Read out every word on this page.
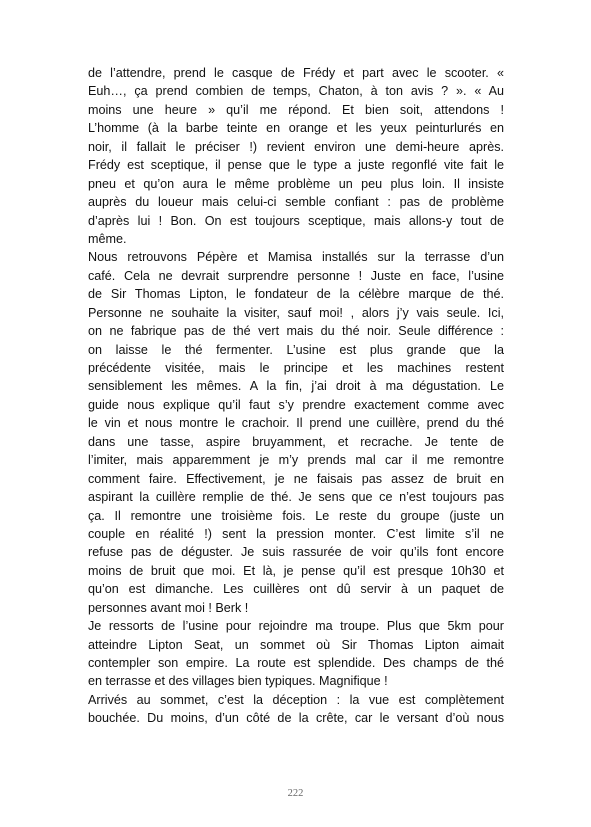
de l’attendre, prend le casque de Frédy et part avec le scooter. «
Euh…, ça prend combien de temps, Chaton, à ton avis ? ». « Au
moins une heure » qu’il me répond. Et bien soit, attendons !
L’homme (à la barbe teinte en orange et les yeux peinturlurés en
noir, il fallait le préciser !) revient environ une demi-heure après.
Frédy est sceptique, il pense que le type a juste regonflé vite fait le
pneu et qu’on aura le même problème un peu plus loin. Il insiste
auprès du loueur mais celui-ci semble confiant : pas de problème
d’après lui ! Bon. On est toujours sceptique, mais allons-y tout de
même.
Nous retrouvons Pépère et Mamisa installés sur la terrasse d’un
café. Cela ne devrait surprendre personne ! Juste en face, l’usine
de Sir Thomas Lipton, le fondateur de la célèbre marque de thé.
Personne ne souhaite la visiter, sauf moi! , alors j’y vais seule. Ici,
on ne fabrique pas de thé vert mais du thé noir. Seule différence :
on laisse le thé fermenter. L’usine est plus grande que la
précédente visitée, mais le principe et les machines restent
sensiblement les mêmes. A la fin, j’ai droit à ma dégustation. Le
guide nous explique qu’il faut s’y prendre exactement comme avec
le vin et nous montre le crachoir. Il prend une cuillère, prend du thé
dans une tasse, aspire bruyamment, et recrache. Je tente de
l’imiter, mais apparemment je m’y prends mal car il me remontre
comment faire. Effectivement, je ne faisais pas assez de bruit en
aspirant la cuillère remplie de thé. Je sens que ce n’est toujours pas
ça. Il remontre une troisième fois. Le reste du groupe (juste un
couple en réalité !) sent la pression monter. C’est limite s’il ne
refuse pas de déguster. Je suis rassurée de voir qu’ils font encore
moins de bruit que moi. Et là, je pense qu’il est presque 10h30 et
qu’on est dimanche. Les cuillères ont dû servir à un paquet de
personnes avant moi ! Berk !
Je ressorts de l’usine pour rejoindre ma troupe. Plus que 5km pour
atteindre Lipton Seat, un sommet où Sir Thomas Lipton aimait
contempler son empire. La route est splendide. Des champs de thé
en terrasse et des villages bien typiques. Magnifique !
Arrivés au sommet, c’est la déception : la vue est complètement
bouchée. Du moins, d’un côté de la crête, car le versant d’où nous
222
